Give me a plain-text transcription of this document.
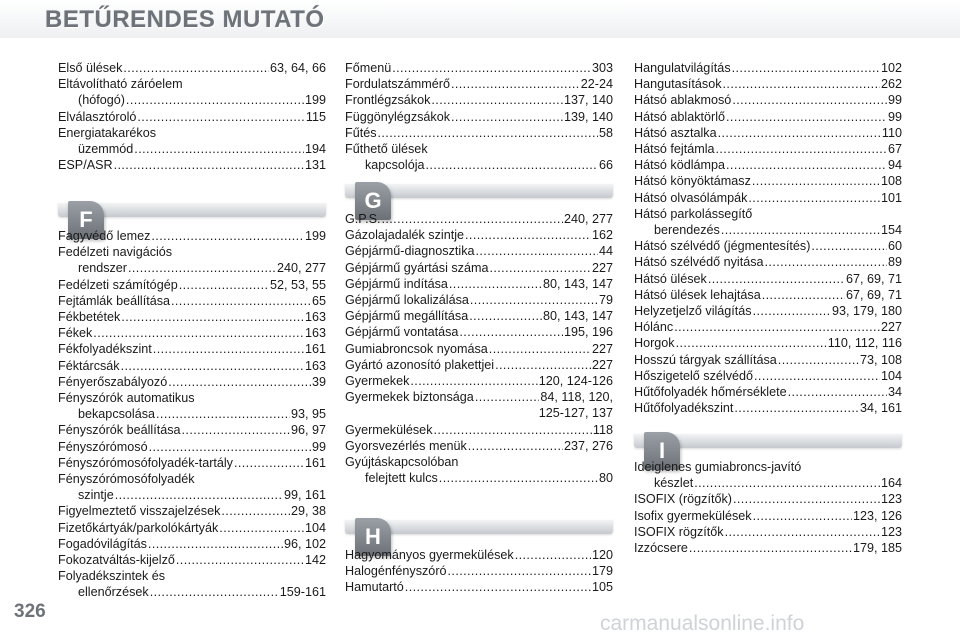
BETŰRENDES MUTATÓ
Első ülések .....	63, 64, 66
Eltávolítható záróelem
(hófogó) .....	199
Elválasztóroló .....	115
Energiatakarékos
üzemmód .....	194
ESP/ASR .....	131
F
Fagyvédő lemez .....	199
Fedélzeti navigációs
rendszer .....	240, 277
Fedélzeti számítógép .....	52, 53, 55
Fejtámlák beállítása .....	65
Fékbetétek .....	163
Fékek .....	163
Fékfolyadékszint .....	161
Féktárcsák .....	163
Fényerőszabályozó .....	39
Fényszórók automatikus
bekapcsolása .....	93, 95
Fényszórók beállítása .....	96, 97
Fényszórómosó .....	99
Fényszórómosófolyadék-tartály .....	161
Fényszórómosófolyadék
szintje .....	99, 161
Figyelmeztető visszajelzések .....	29, 38
Fizetőkártyák/parkolókártyák .....	104
Fogadóvilágítás .....	96, 102
Fokozatváltás-kijelző .....	142
Folyadékszintek és
ellenőrzések .....	159-161
Főmenü .....	303
Fordulatszámmérő .....	22-24
Frontlégzsákok .....	137, 140
Függönylégzsákok .....	139, 140
Fűtés .....	58
Fűthető ülések
kapcsolója .....	66
G
G.P.S. .....	240, 277
Gázolajadalék szintje .....	162
Gépjármű-diagnosztika .....	44
Gépjármű gyártási száma .....	227
Gépjármű indítása .....	80, 143, 147
Gépjármű lokalizálása .....	79
Gépjármű megállítása .....	80, 143, 147
Gépjármű vontatása .....	195, 196
Gumiabroncsok nyomása .....	227
Gyártó azonosító plakettjei .....	227
Gyermekek .....	120, 124-126
Gyermekek biztonsága .....	84, 118, 120,
125-127, 137
Gyermekülések .....	118
Gyorsvezérlés menük .....	237, 276
Gyújtáskapcsolóban
felejtett kulcs .....	80
H
Hagyományos gyermekülések .....	120
Halogénfényszóró .....	179
Hamutartó .....	105
Hangulatvilágítás .....	102
Hangutasítások .....	262
Hátsó ablakmosó .....	99
Hátsó ablaktörlő .....	99
Hátsó asztalka .....	110
Hátsó fejtámla .....	67
Hátsó ködlámpa .....	94
Hátsó könyöktámasz .....	108
Hátsó olvasólámpák .....	101
Hátsó parkolássegítő
berendezés .....	154
Hátsó szélvédő (jégmentesítés) .....	60
Hátsó szélvédő nyitása .....	89
Hátsó ülések .....	67, 69, 71
Hátsó ülések lehajtása .....	67, 69, 71
Helyzetjelző világítás .....	93, 179, 180
Hólánc .....	227
Horgok .....	110, 112, 116
Hosszú tárgyak szállítása .....	73, 108
Hőszigetelő szélvédő .....	104
Hűtőfolyadék hőmérséklete .....	34
Hűtőfolyadékszint .....	34, 161
I
Ideiglenes gumiabroncs-javító
készlet .....	164
ISOFIX (rögzítők) .....	123
Isofix gyermekülések .....	123, 126
ISOFIX rögzítők .....	123
Izzócsere .....	179, 185
326
carmanualsonline.info
